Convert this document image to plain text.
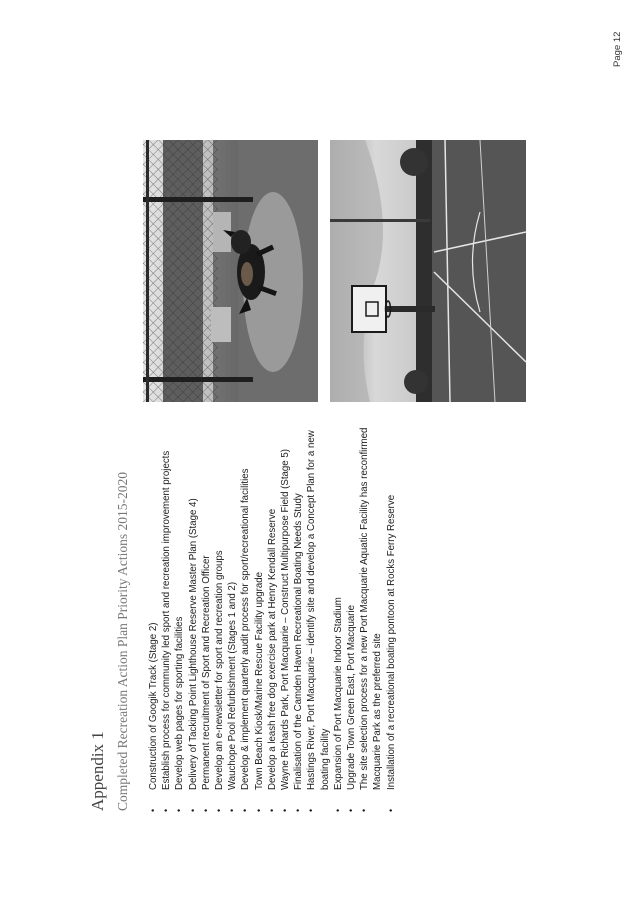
Appendix 1 Completed Recreation Action Plan Priority Actions 2015-2020 •
Construction of Googik Track (Stage 2)
•
Establish process for community led sport and recreation improvement projects
•
Develop web pages for sporting facilities
•
Delivery of Tacking Point Lighthouse Reserve Master Plan (Stage 4)
•
Permanent recruitment of Sport and Recreation Officer
•
Develop an e-newsletter for sport and recreation groups
•
Wauchope Pool Refurbishment (Stages 1 and 2)
•
Develop & implement quarterly audit process for sport/recreational facilities
•
Town Beach Kiosk/Marine Rescue Facility upgrade
•
Develop a leash free dog exercise park at Henry Kendall Reserve
•
Wayne Richards Park, Port Macquarie – Construct Multipurpose Field (Stage 5)
•
Finalisation of the Camden Haven Recreational Boating Needs Study
•
Hastings River, Port Macquarie – identify site and develop a Concept Plan for a new boating facility
•
Expansion of Port Macquarie Indoor Stadium
•
Upgrade Town Green East, Port Macquarie
•
The site selection process for a new Port Macquarie Aquatic Facility has reconfirmed Macquarie Park as the preferred site
•
Installation of a recreational boating pontoon at Rocks Ferry Reserve
Page 12
